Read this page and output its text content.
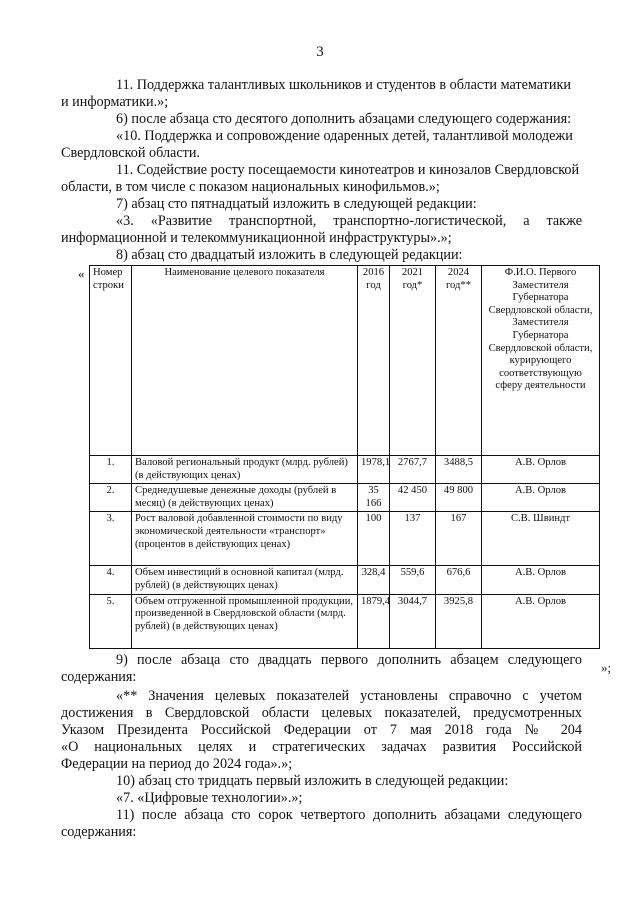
3
11. Поддержка талантливых школьников и студентов в области математики
и информатики.»;
6) после абзаца сто десятого дополнить абзацами следующего содержания:
«10. Поддержка и сопровождение одаренных детей, талантливой молодежи
Свердловской области.
11. Содействие росту посещаемости кинотеатров и кинозалов Свердловской
области, в том числе с показом национальных кинофильмов.»;
7) абзац сто пятнадцатый изложить в следующей редакции:
«3. «Развитие транспортной, транспортно-логистической, а также
информационной и телекоммуникационной инфраструктуры».»;
8) абзац сто двадцатый изложить в следующей редакции:
« Номер строки	Наименование целевого показателя	2016 год	2021 год*	2024 год**	Ф.И.О. Первого Заместителя Губернатора Свердловской области, Заместителя Губернатора Свердловской области, курирующего соответствующую сферу деятельности
1.	Валовой региональный продукт (млрд. рублей) (в действующих ценах)	1978,1	2767,7	3488,5	А.В. Орлов
2.	Среднедушевые денежные доходы (рублей в месяц) (в действующих ценах)	35 166	42 450	49 800	А.В. Орлов
3.	Рост валовой добавленной стоимости по виду экономической деятельности «транспорт» (процентов в действующих ценах)	100	137	167	С.В. Швиндт
4.	Объем инвестиций в основной капитал (млрд. рублей) (в действующих ценах)	328,4	559,6	676,6	А.В. Орлов
5.	Объем отгруженной промышленной продукции, произведенной в Свердловской области (млрд. рублей) (в действующих ценах)	1879,4	3044,7	3925,8	А.В. Орлов
»;
9) после абзаца сто двадцать первого дополнить абзацем следующего
содержания:
«** Значения целевых показателей установлены справочно с учетом
достижения в Свердловской области целевых показателей, предусмотренных
Указом Президента Российской Федерации от 7 мая 2018 года № 204
«О национальных целях и стратегических задачах развития Российской
Федерации на период до 2024 года».»;
10) абзац сто тридцать первый изложить в следующей редакции:
«7. «Цифровые технологии».»;
11) после абзаца сто сорок четвертого дополнить абзацами следующего
содержания:
